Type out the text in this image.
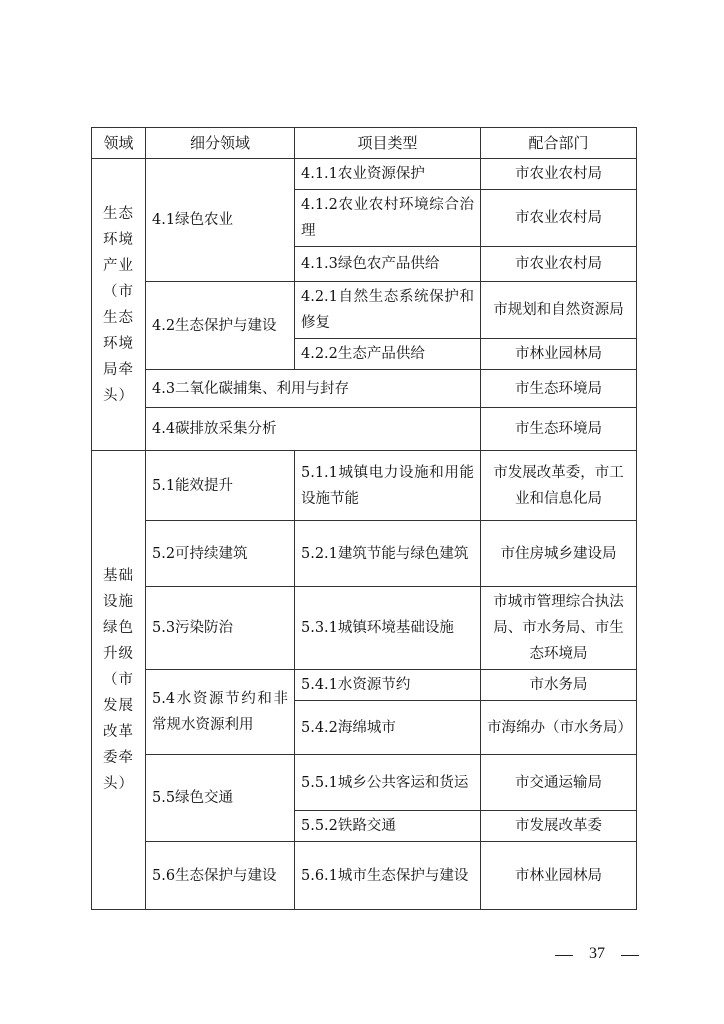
领域	细分领域	项目类型	配合部门
生态环境产业（市生态环境局牵头）	4.1绿色农业	4.1.1农业资源保护	市农业农村局
		4.1.2农业农村环境综合治理	市农业农村局
		4.1.3绿色农产品供给	市农业农村局
	4.2生态保护与建设	4.2.1自然生态系统保护和修复	市规划和自然资源局
		4.2.2生态产品供给	市林业园林局
	4.3二氧化碳捕集、利用与封存		市生态环境局
	4.4碳排放采集分析		市生态环境局
基础设施绿色升级（市发展改革委牵头）	5.1能效提升	5.1.1城镇电力设施和用能设施节能	市发展改革委，市工业和信息化局
	5.2可持续建筑	5.2.1建筑节能与绿色建筑	市住房城乡建设局
	5.3污染防治	5.3.1城镇环境基础设施	市城市管理综合执法局、市水务局、市生态环境局
	5.4水资源节约和非常规水资源利用	5.4.1水资源节约	市水务局
		5.4.2海绵城市	市海绵办（市水务局）
	5.5绿色交通	5.5.1城乡公共客运和货运	市交通运输局
		5.5.2铁路交通	市发展改革委
	5.6生态保护与建设	5.6.1城市生态保护与建设	市林业园林局
37
